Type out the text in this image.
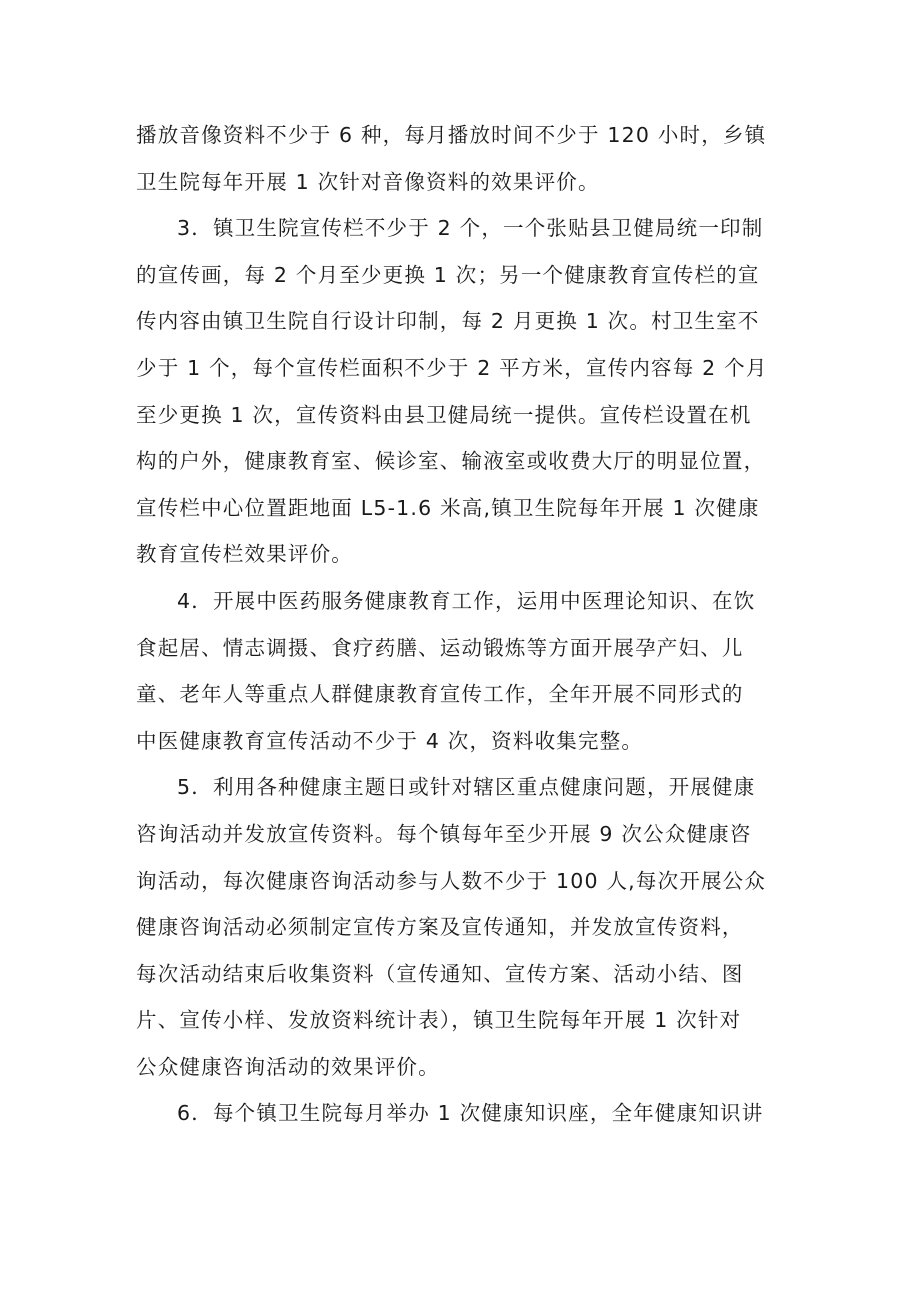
播放音像资料不少于 6 种，每月播放时间不少于 120 小时，乡镇
卫生院每年开展 1 次针对音像资料的效果评价。

3．镇卫生院宣传栏不少于 2 个，一个张贴县卫健局统一印制
的宣传画，每 2 个月至少更换 1 次；另一个健康教育宣传栏的宣
传内容由镇卫生院自行设计印制，每 2 月更换 1 次。村卫生室不
少于 1 个，每个宣传栏面积不少于 2 平方米，宣传内容每 2 个月
至少更换 1 次，宣传资料由县卫健局统一提供。宣传栏设置在机
构的户外，健康教育室、候诊室、输液室或收费大厅的明显位置，
宣传栏中心位置距地面 L5-1.6 米高,镇卫生院每年开展 1 次健康
教育宣传栏效果评价。

4．开展中医药服务健康教育工作，运用中医理论知识、在饮
食起居、情志调摄、食疗药膳、运动锻炼等方面开展孕产妇、儿
童、老年人等重点人群健康教育宣传工作，全年开展不同形式的
中医健康教育宣传活动不少于 4 次，资料收集完整。

5．利用各种健康主题日或针对辖区重点健康问题，开展健康
咨询活动并发放宣传资料。每个镇每年至少开展 9 次公众健康咨
询活动，每次健康咨询活动参与人数不少于 100 人,每次开展公众
健康咨询活动必须制定宣传方案及宣传通知，并发放宣传资料，
每次活动结束后收集资料（宣传通知、宣传方案、活动小结、图
片、宣传小样、发放资料统计表），镇卫生院每年开展 1 次针对
公众健康咨询活动的效果评价。

6．每个镇卫生院每月举办 1 次健康知识座，全年健康知识讲
